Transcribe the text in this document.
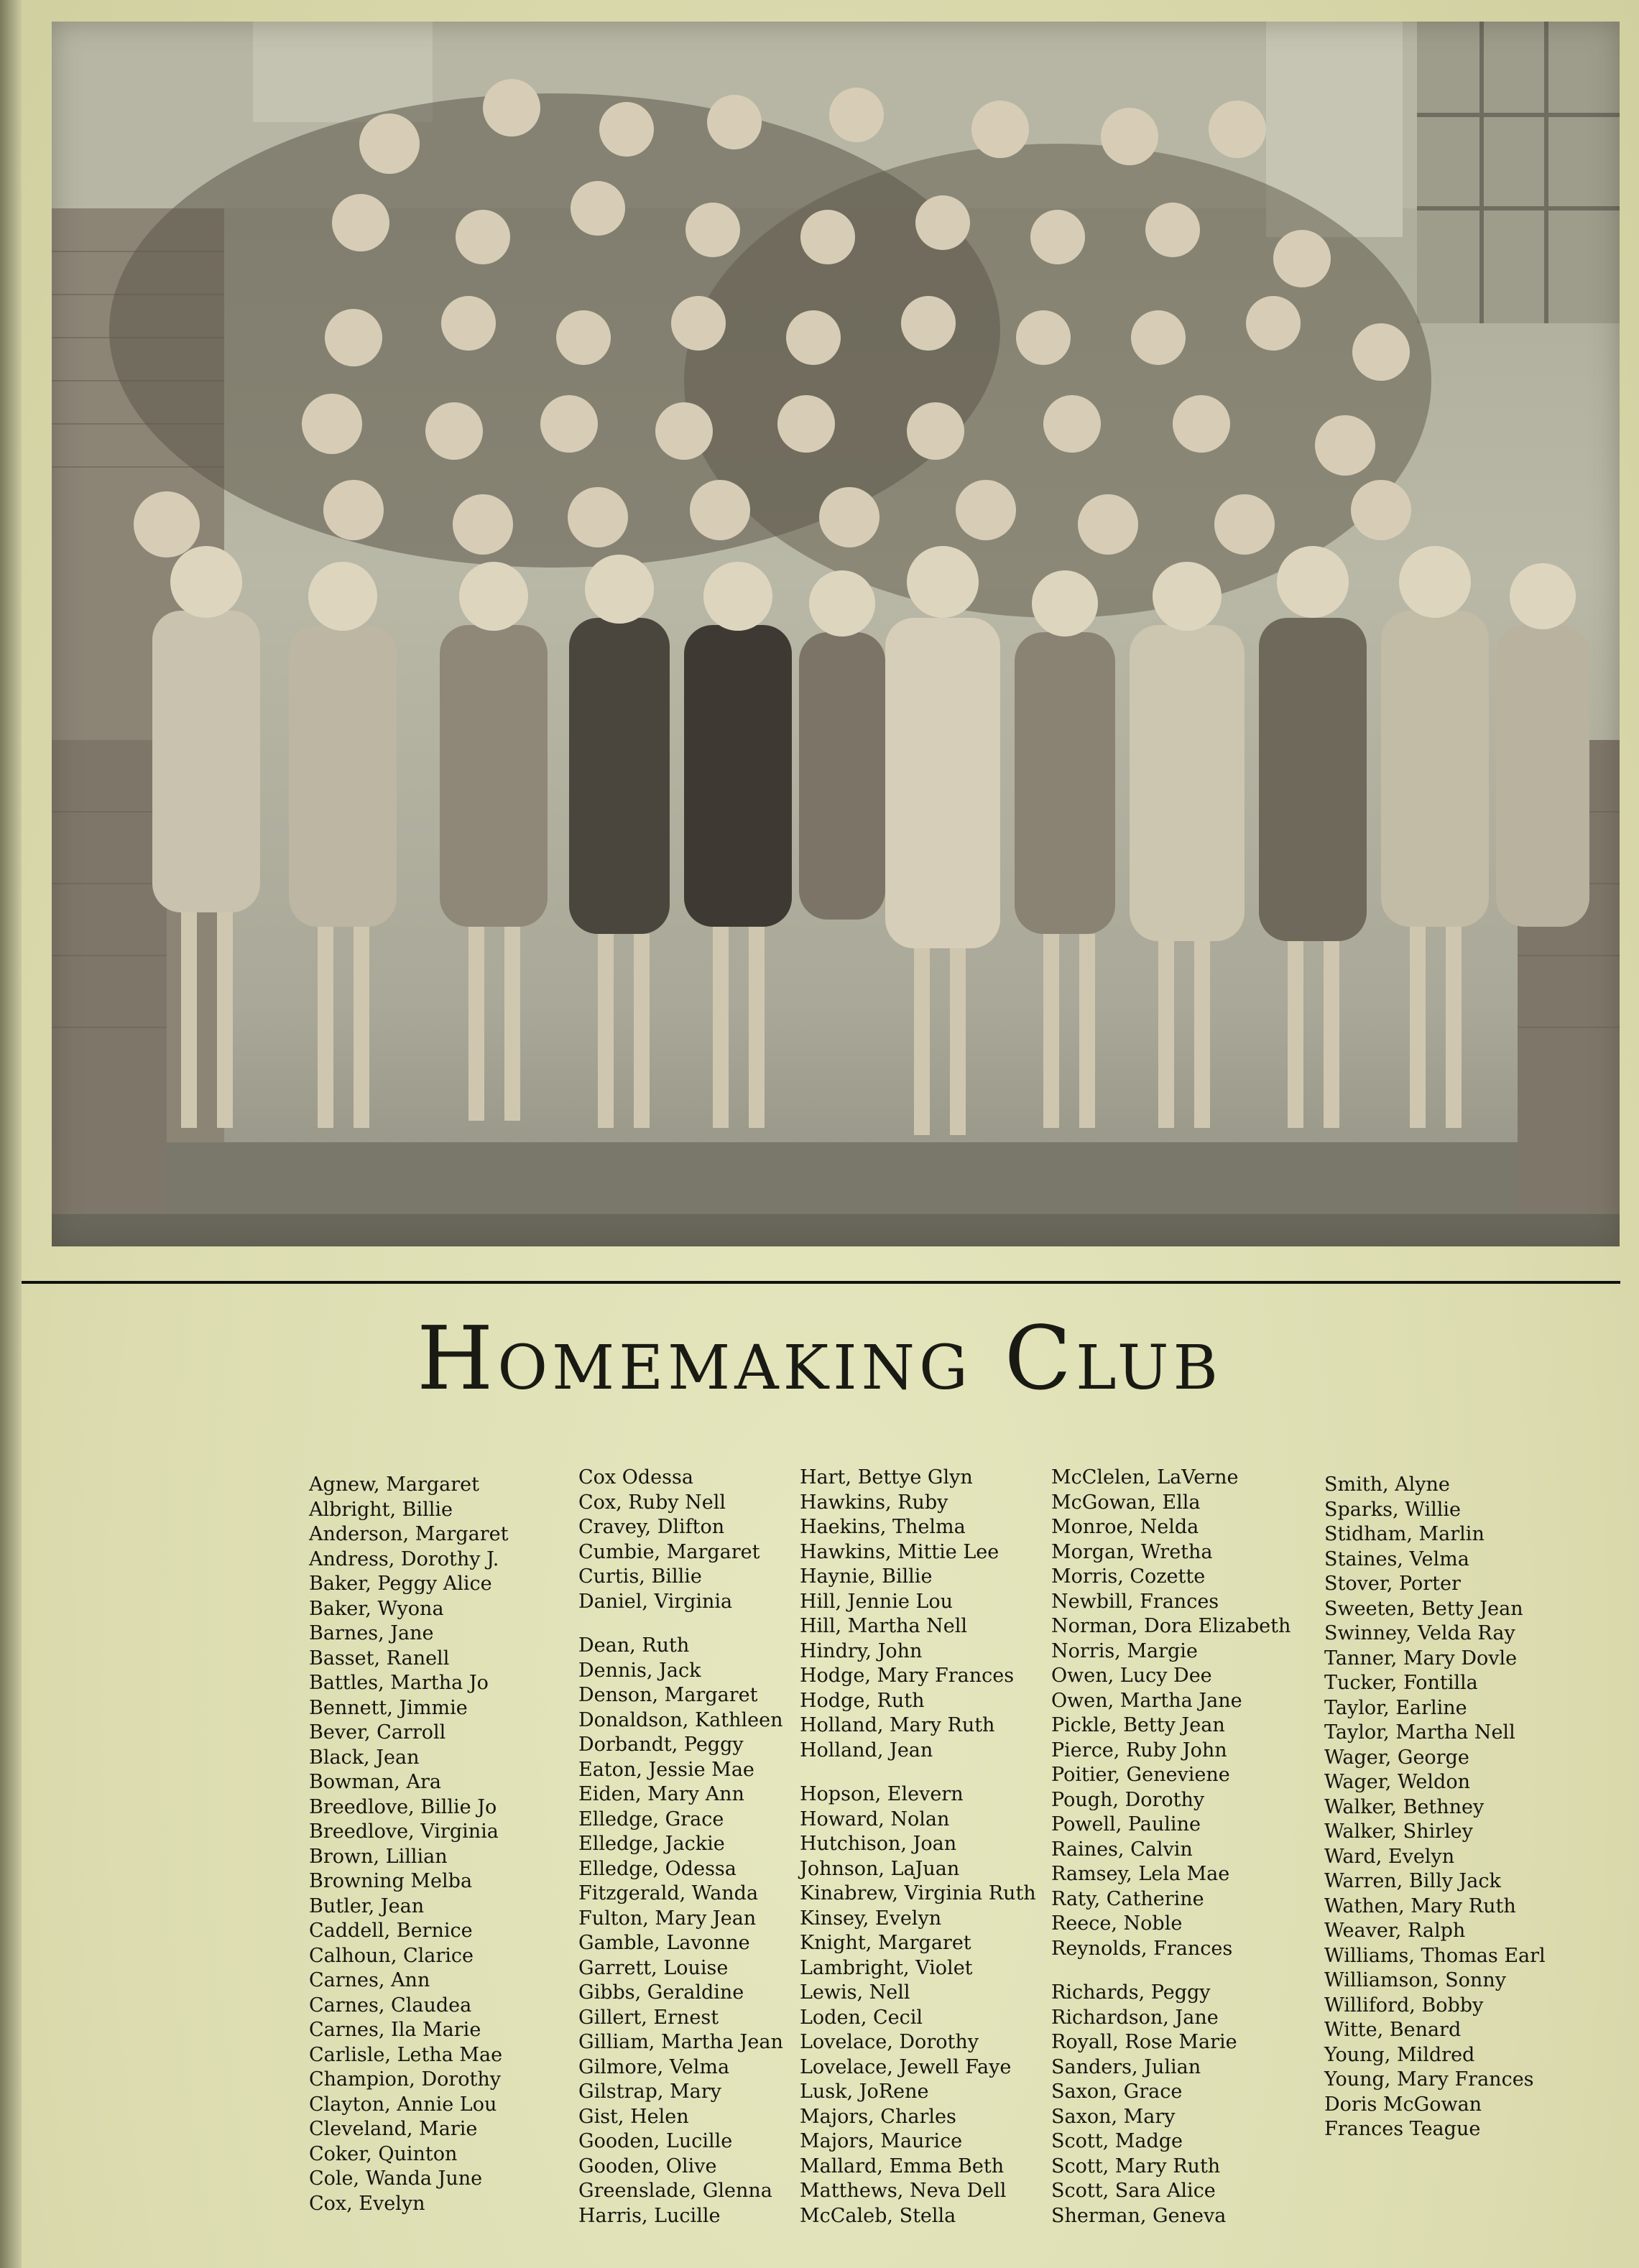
Homemaking Club
Agnew, Margaret
Albright, Billie
Anderson, Margaret
Andress, Dorothy J.
Baker, Peggy Alice
Baker, Wyona
Barnes, Jane
Basset, Ranell
Battles, Martha Jo
Bennett, Jimmie
Bever, Carroll
Black, Jean
Bowman, Ara
Breedlove, Billie Jo
Breedlove, Virginia
Brown, Lillian
Browning Melba
Butler, Jean
Caddell, Bernice
Calhoun, Clarice
Carnes, Ann
Carnes, Claudea
Carnes, Ila Marie
Carlisle, Letha Mae
Champion, Dorothy
Clayton, Annie Lou
Cleveland, Marie
Coker, Quinton
Cole, Wanda June
Cox, Evelyn
Cox Odessa
Cox, Ruby Nell
Cravey, Dlifton
Cumbie, Margaret
Curtis, Billie
Daniel, Virginia
Dean, Ruth
Dennis, Jack
Denson, Margaret
Donaldson, Kathleen
Dorbandt, Peggy
Eaton, Jessie Mae
Eiden, Mary Ann
Elledge, Grace
Elledge, Jackie
Elledge, Odessa
Fitzgerald, Wanda
Fulton, Mary Jean
Gamble, Lavonne
Garrett, Louise
Gibbs, Geraldine
Gillert, Ernest
Gilliam, Martha Jean
Gilmore, Velma
Gilstrap, Mary
Gist, Helen
Gooden, Lucille
Gooden, Olive
Greenslade, Glenna
Harris, Lucille
Hart, Bettye Glyn
Hawkins, Ruby
Haekins, Thelma
Hawkins, Mittie Lee
Haynie, Billie
Hill, Jennie Lou
Hill, Martha Nell
Hindry, John
Hodge, Mary Frances
Hodge, Ruth
Holland, Mary Ruth
Holland, Jean
Hopson, Elevern
Howard, Nolan
Hutchison, Joan
Johnson, LaJuan
Kinabrew, Virginia Ruth
Kinsey, Evelyn
Knight, Margaret
Lambright, Violet
Lewis, Nell
Loden, Cecil
Lovelace, Dorothy
Lovelace, Jewell Faye
Lusk, JoRene
Majors, Charles
Majors, Maurice
Mallard, Emma Beth
Matthews, Neva Dell
McCaleb, Stella
McClelen, LaVerne
McGowan, Ella
Monroe, Nelda
Morgan, Wretha
Morris, Cozette
Newbill, Frances
Norman, Dora Elizabeth
Norris, Margie
Owen, Lucy Dee
Owen, Martha Jane
Pickle, Betty Jean
Pierce, Ruby John
Poitier, Geneviene
Pough, Dorothy
Powell, Pauline
Raines, Calvin
Ramsey, Lela Mae
Raty, Catherine
Reece, Noble
Reynolds, Frances
Richards, Peggy
Richardson, Jane
Royall, Rose Marie
Sanders, Julian
Saxon, Grace
Saxon, Mary
Scott, Madge
Scott, Mary Ruth
Scott, Sara Alice
Sherman, Geneva
Smith, Alyne
Sparks, Willie
Stidham, Marlin
Staines, Velma
Stover, Porter
Sweeten, Betty Jean
Swinney, Velda Ray
Tanner, Mary Dovle
Tucker, Fontilla
Taylor, Earline
Taylor, Martha Nell
Wager, George
Wager, Weldon
Walker, Bethney
Walker, Shirley
Ward, Evelyn
Warren, Billy Jack
Wathen, Mary Ruth
Weaver, Ralph
Williams, Thomas Earl
Williamson, Sonny
Williford, Bobby
Witte, Benard
Young, Mildred
Young, Mary Frances
Doris McGowan
Frances Teague
